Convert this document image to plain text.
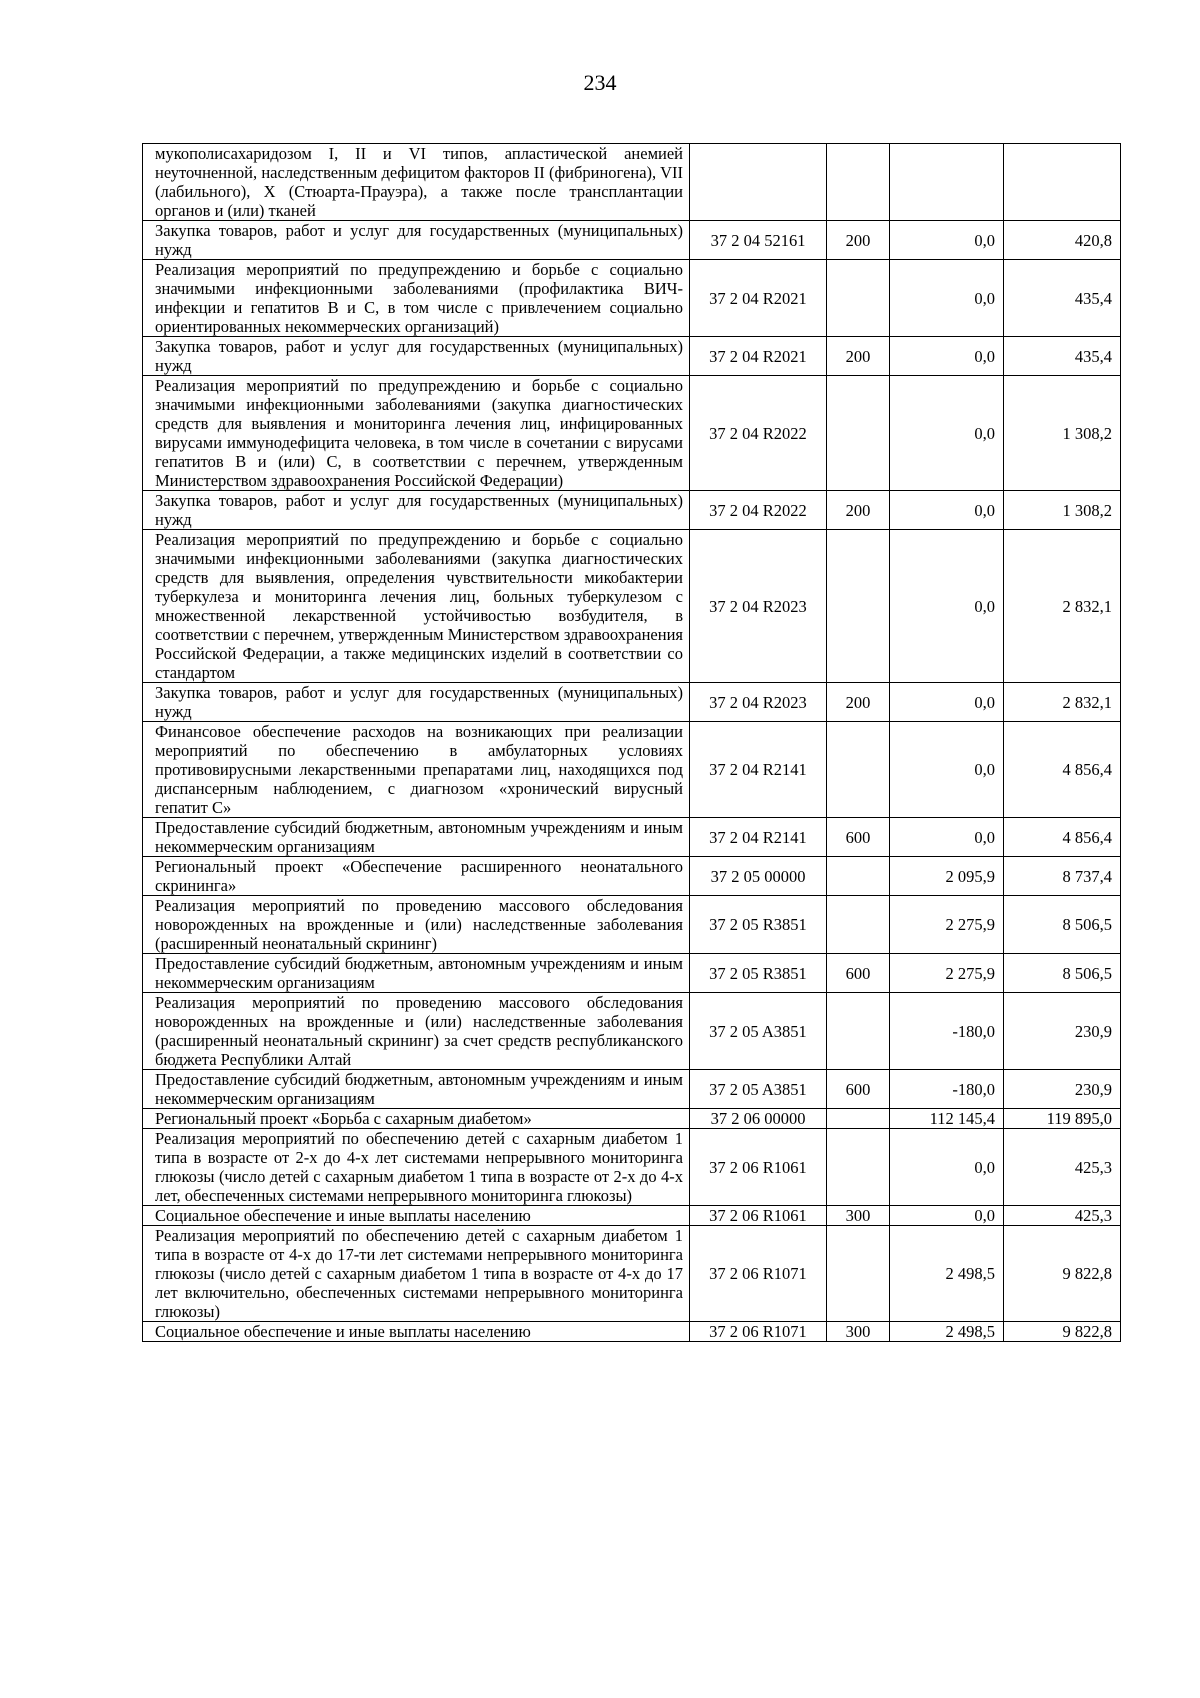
234
мукополисахаридозом I, II и VI типов, апластической анемией неуточненной, наследственным дефицитом факторов II (фибриногена), VII (лабильного), X (Стюарта-Прауэра), а также после трансплантации органов и (или) тканей				
Закупка товаров, работ и услуг для государственных (муниципальных) нужд	37 2 04 52161	200	0,0	420,8
Реализация мероприятий по предупреждению и борьбе с социально значимыми инфекционными заболеваниями (профилактика ВИЧ-инфекции и гепатитов B и C, в том числе с привлечением социально ориентированных некоммерческих организаций)	37 2 04 R2021		0,0	435,4
Закупка товаров, работ и услуг для государственных (муниципальных) нужд	37 2 04 R2021	200	0,0	435,4
Реализация мероприятий по предупреждению и борьбе с социально значимыми инфекционными заболеваниями (закупка диагностических средств для выявления и мониторинга лечения лиц, инфицированных вирусами иммунодефицита человека, в том числе в сочетании с вирусами гепатитов B и (или) C, в соответствии с перечнем, утвержденным Министерством здравоохранения Российской Федерации)	37 2 04 R2022		0,0	1 308,2
Закупка товаров, работ и услуг для государственных (муниципальных) нужд	37 2 04 R2022	200	0,0	1 308,2
Реализация мероприятий по предупреждению и борьбе с социально значимыми инфекционными заболеваниями (закупка диагностических средств для выявления, определения чувствительности микобактерии туберкулеза и мониторинга лечения лиц, больных туберкулезом с множественной лекарственной устойчивостью возбудителя, в соответствии с перечнем, утвержденным Министерством здравоохранения Российской Федерации, а также медицинских изделий в соответствии со стандартом	37 2 04 R2023		0,0	2 832,1
Закупка товаров, работ и услуг для государственных (муниципальных) нужд	37 2 04 R2023	200	0,0	2 832,1
Финансовое обеспечение расходов на возникающих при реализации мероприятий по обеспечению в амбулаторных условиях противовирусными лекарственными препаратами лиц, находящихся под диспансерным наблюдением, с диагнозом «хронический вирусный гепатит C»	37 2 04 R2141		0,0	4 856,4
Предоставление субсидий бюджетным, автономным учреждениям и иным некоммерческим организациям	37 2 04 R2141	600	0,0	4 856,4
Региональный проект «Обеспечение расширенного неонатального скрининга»	37 2 05 00000		2 095,9	8 737,4
Реализация мероприятий по проведению массового обследования новорожденных на врожденные и (или) наследственные заболевания (расширенный неонатальный скрининг)	37 2 05 R3851		2 275,9	8 506,5
Предоставление субсидий бюджетным, автономным учреждениям и иным некоммерческим организациям	37 2 05 R3851	600	2 275,9	8 506,5
Реализация мероприятий по проведению массового обследования новорожденных на врожденные и (или) наследственные заболевания (расширенный неонатальный скрининг) за счет средств республиканского бюджета Республики Алтай	37 2 05 A3851		-180,0	230,9
Предоставление субсидий бюджетным, автономным учреждениям и иным некоммерческим организациям	37 2 05 A3851	600	-180,0	230,9
Региональный проект «Борьба с сахарным диабетом»	37 2 06 00000		112 145,4	119 895,0
Реализация мероприятий по обеспечению детей с сахарным диабетом 1 типа в возрасте от 2-х до 4-х лет системами непрерывного мониторинга глюкозы (число детей с сахарным диабетом 1 типа в возрасте от 2-х до 4-х лет, обеспеченных системами непрерывного мониторинга глюкозы)	37 2 06 R1061		0,0	425,3
Социальное обеспечение и иные выплаты населению	37 2 06 R1061	300	0,0	425,3
Реализация мероприятий по обеспечению детей с сахарным диабетом 1 типа в возрасте от 4-х до 17-ти лет системами непрерывного мониторинга глюкозы (число детей с сахарным диабетом 1 типа в возрасте от 4-х до 17 лет включительно, обеспеченных системами непрерывного мониторинга глюкозы)	37 2 06 R1071		2 498,5	9 822,8
Социальное обеспечение и иные выплаты населению	37 2 06 R1071	300	2 498,5	9 822,8
